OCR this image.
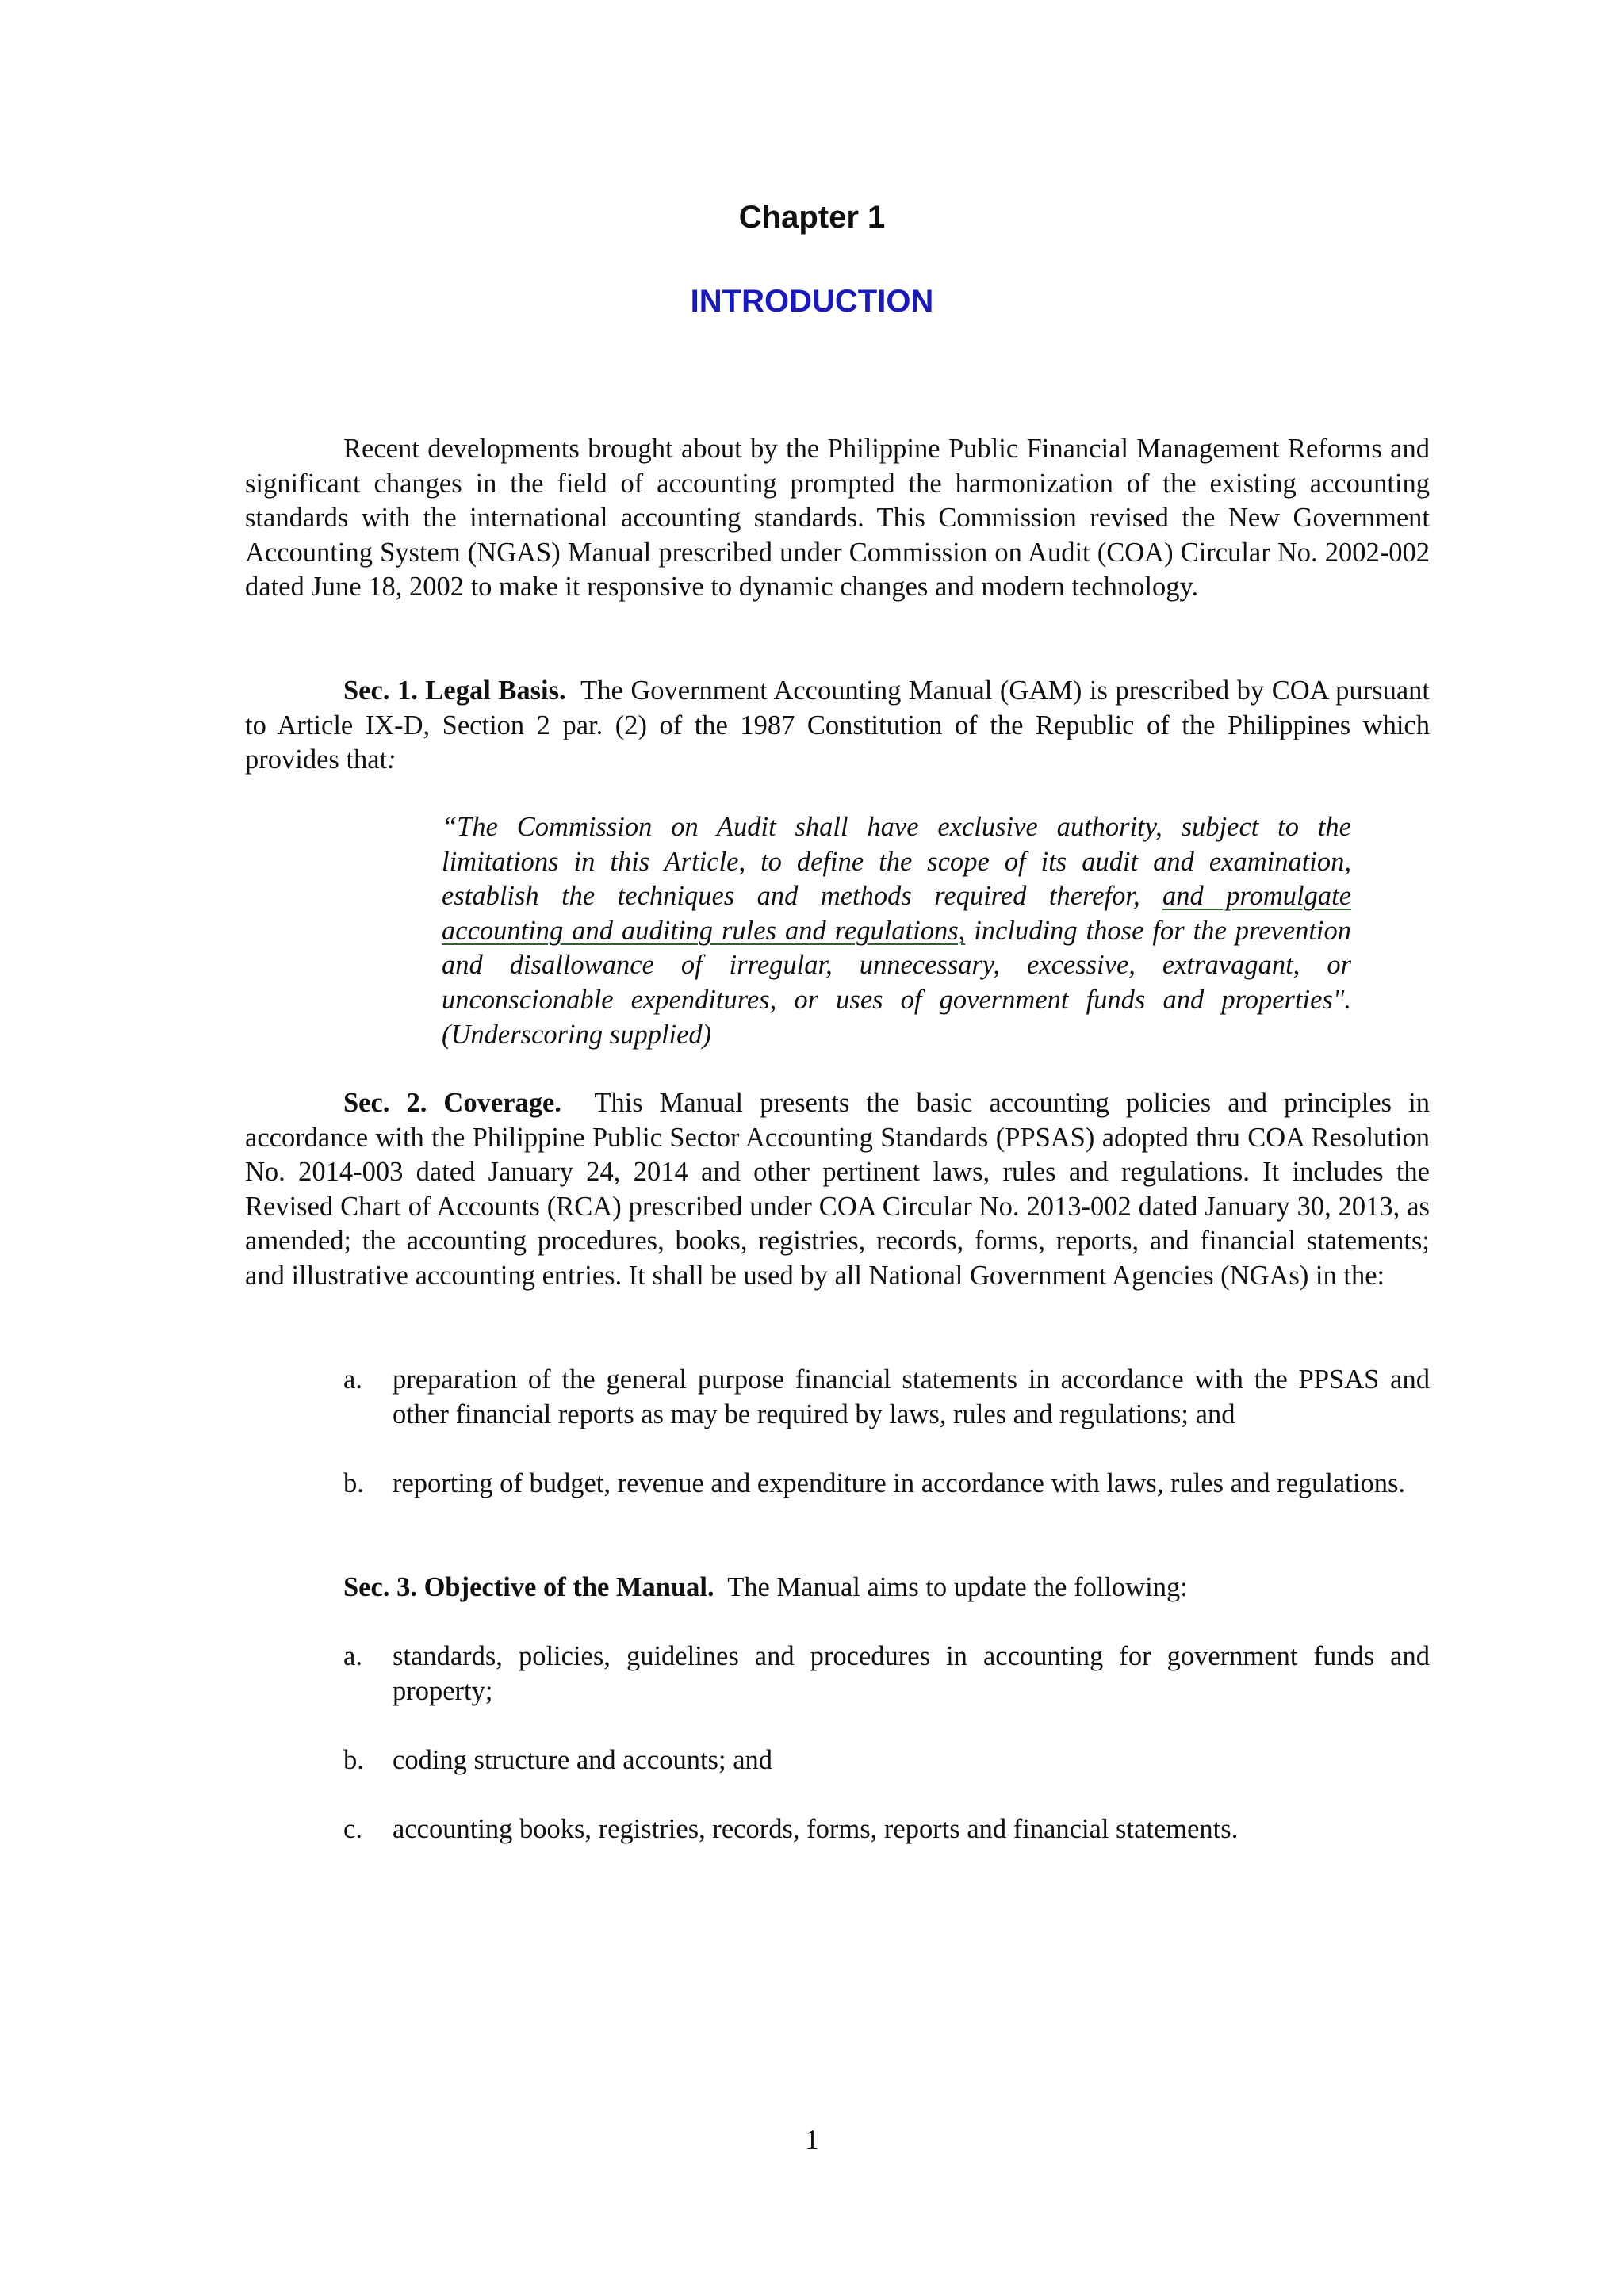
Chapter 1
INTRODUCTION
Recent developments brought about by the Philippine Public Financial Management Reforms and significant changes in the field of accounting prompted the harmonization of the existing accounting standards with the international accounting standards. This Commission revised the New Government Accounting System (NGAS) Manual prescribed under Commission on Audit (COA) Circular No. 2002-002 dated June 18, 2002 to make it responsive to dynamic changes and modern technology.
Sec. 1. Legal Basis. The Government Accounting Manual (GAM) is prescribed by COA pursuant to Article IX-D, Section 2 par. (2) of the 1987 Constitution of the Republic of the Philippines which provides that:
“The Commission on Audit shall have exclusive authority, subject to the limitations in this Article, to define the scope of its audit and examination, establish the techniques and methods required therefor, and promulgate accounting and auditing rules and regulations, including those for the prevention and disallowance of irregular, unnecessary, excessive, extravagant, or unconscionable expenditures, or uses of government funds and properties". (Underscoring supplied)
Sec. 2. Coverage. This Manual presents the basic accounting policies and principles in accordance with the Philippine Public Sector Accounting Standards (PPSAS) adopted thru COA Resolution No. 2014-003 dated January 24, 2014 and other pertinent laws, rules and regulations. It includes the Revised Chart of Accounts (RCA) prescribed under COA Circular No. 2013-002 dated January 30, 2013, as amended; the accounting procedures, books, registries, records, forms, reports, and financial statements; and illustrative accounting entries. It shall be used by all National Government Agencies (NGAs) in the:
a. preparation of the general purpose financial statements in accordance with the PPSAS and other financial reports as may be required by laws, rules and regulations; and
b. reporting of budget, revenue and expenditure in accordance with laws, rules and regulations.
Sec. 3. Objective of the Manual. The Manual aims to update the following:
a. standards, policies, guidelines and procedures in accounting for government funds and property;
b. coding structure and accounts; and
c. accounting books, registries, records, forms, reports and financial statements.
1
